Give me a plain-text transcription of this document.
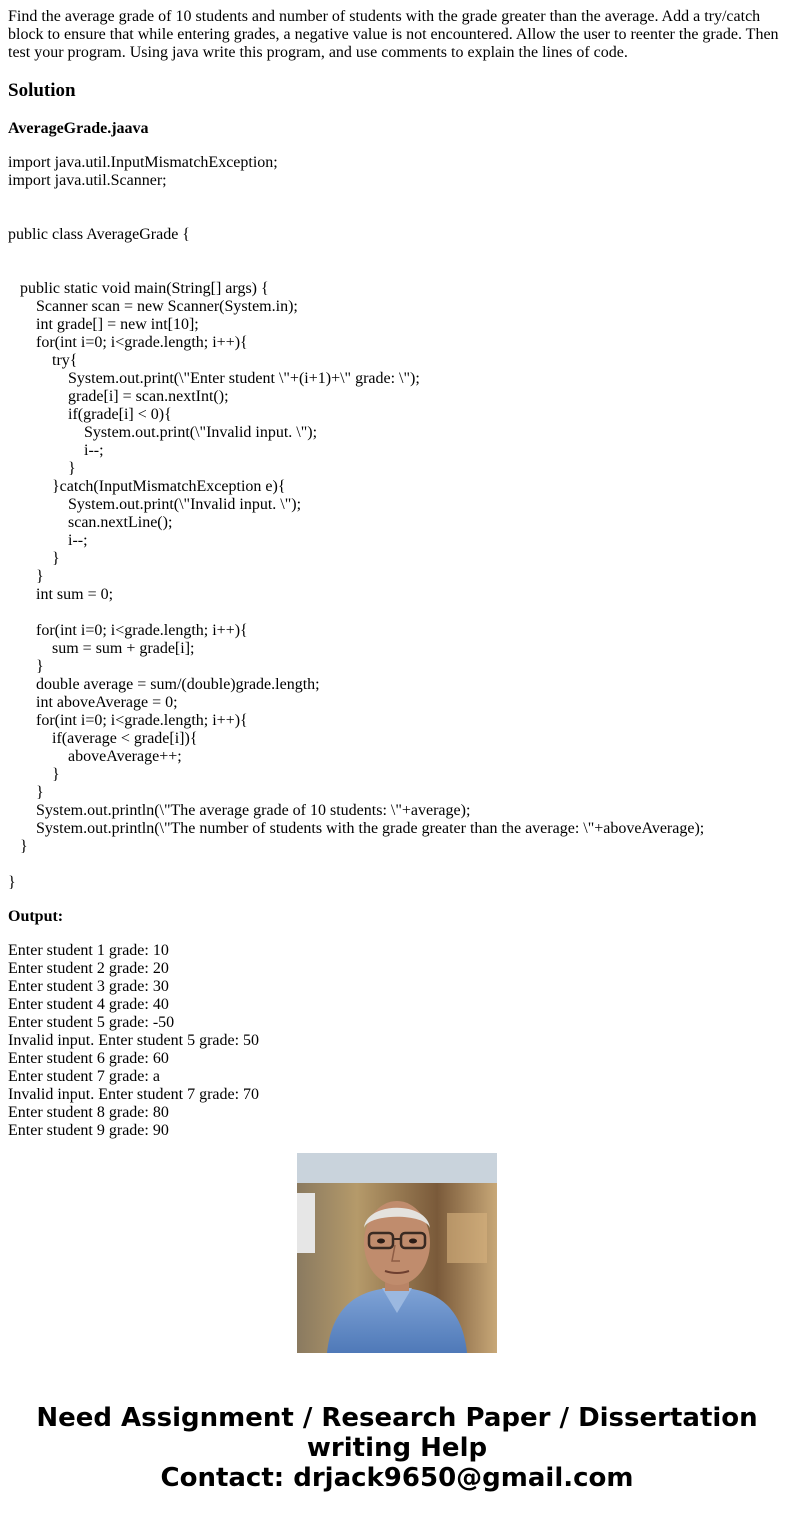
Find the average grade of 10 students and number of students with the grade greater than the average. Add a try/catch block to ensure that while entering grades, a negative value is not encountered. Allow the user to reenter the grade. Then test your program. Using java write this program, and use comments to explain the lines of code.
Solution
AverageGrade.jaava
import java.util.InputMismatchException;
import java.util.Scanner;
public class AverageGrade {
public static void main(String[] args) {
Scanner scan = new Scanner(System.in);
int grade[] = new int[10];
for(int i=0; i<grade.length; i++){
try{
System.out.print(\"Enter student \"+(i+1)+\" grade: \");
grade[i] = scan.nextInt();
if(grade[i] < 0){
System.out.print(\"Invalid input. \");
i--;
}
}catch(InputMismatchException e){
System.out.print(\"Invalid input. \");
scan.nextLine();
i--;
}
}
int sum = 0;
for(int i=0; i<grade.length; i++){
sum = sum + grade[i];
}
double average = sum/(double)grade.length;
int aboveAverage = 0;
for(int i=0; i<grade.length; i++){
if(average < grade[i]){
aboveAverage++;
}
}
System.out.println(\"The average grade of 10 students: \"+average);
System.out.println(\"The number of students with the grade greater than the average: \"+aboveAverage);
}
}
Output:
Enter student 1 grade: 10
Enter student 2 grade: 20
Enter student 3 grade: 30
Enter student 4 grade: 40
Enter student 5 grade: -50
Invalid input. Enter student 5 grade: 50
Enter student 6 grade: 60
Enter student 7 grade: a
Invalid input. Enter student 7 grade: 70
Enter student 8 grade: 80
Enter student 9 grade: 90
Need Assignment / Research Paper / Dissertation
writing Help
Contact: drjack9650@gmail.com
